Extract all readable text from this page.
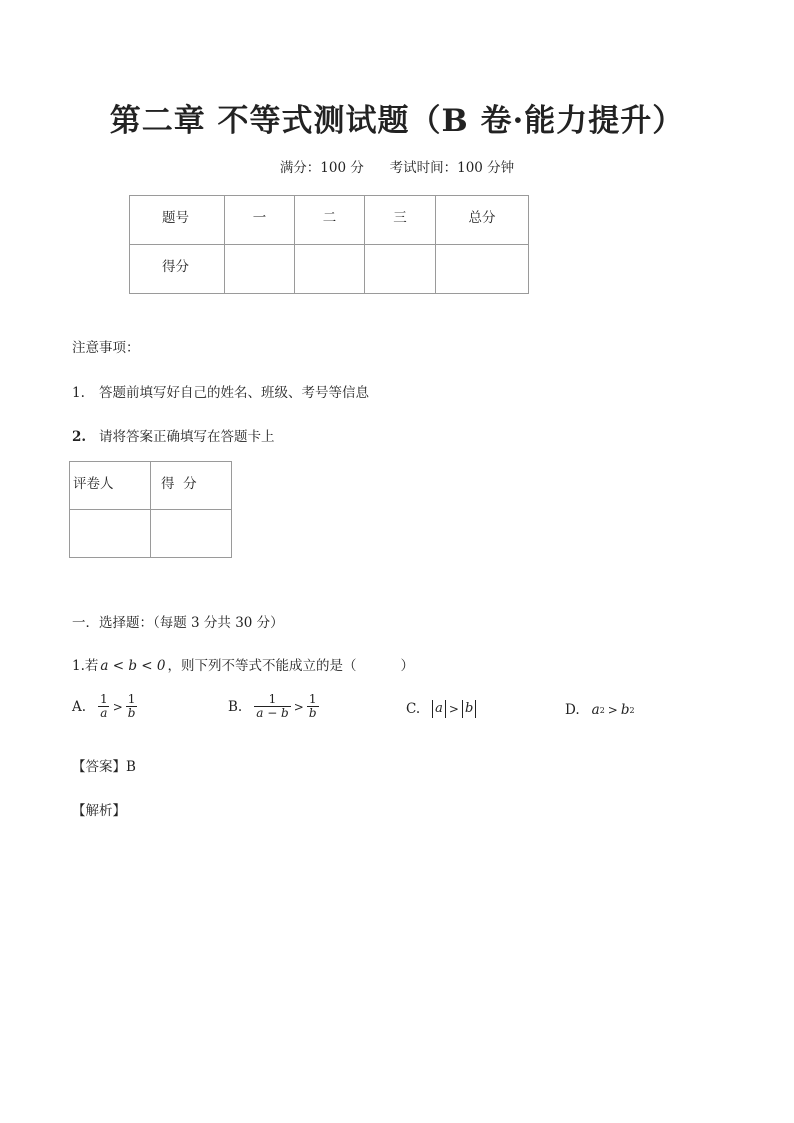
第二章 不等式测试题（B 卷·能力提升）
满分：100 分      考试时间：100 分钟
题号	一	二	三	总分
得分				
注意事项：
1. 答题前填写好自己的姓名、班级、考号等信息
2. 请将答案正确填写在答题卡上
评卷人	得  分

一．选择题：（每题 3 分共 30 分）
1.若 a < b < 0 ，则下列不等式不能成立的是（	）
A. $\frac{1}{a} > \frac{1}{b}$	B. $\frac{1}{a - b} > \frac{1}{b}$	C. a > b	D. a 2 > b 2
【答案】B
【解析】
